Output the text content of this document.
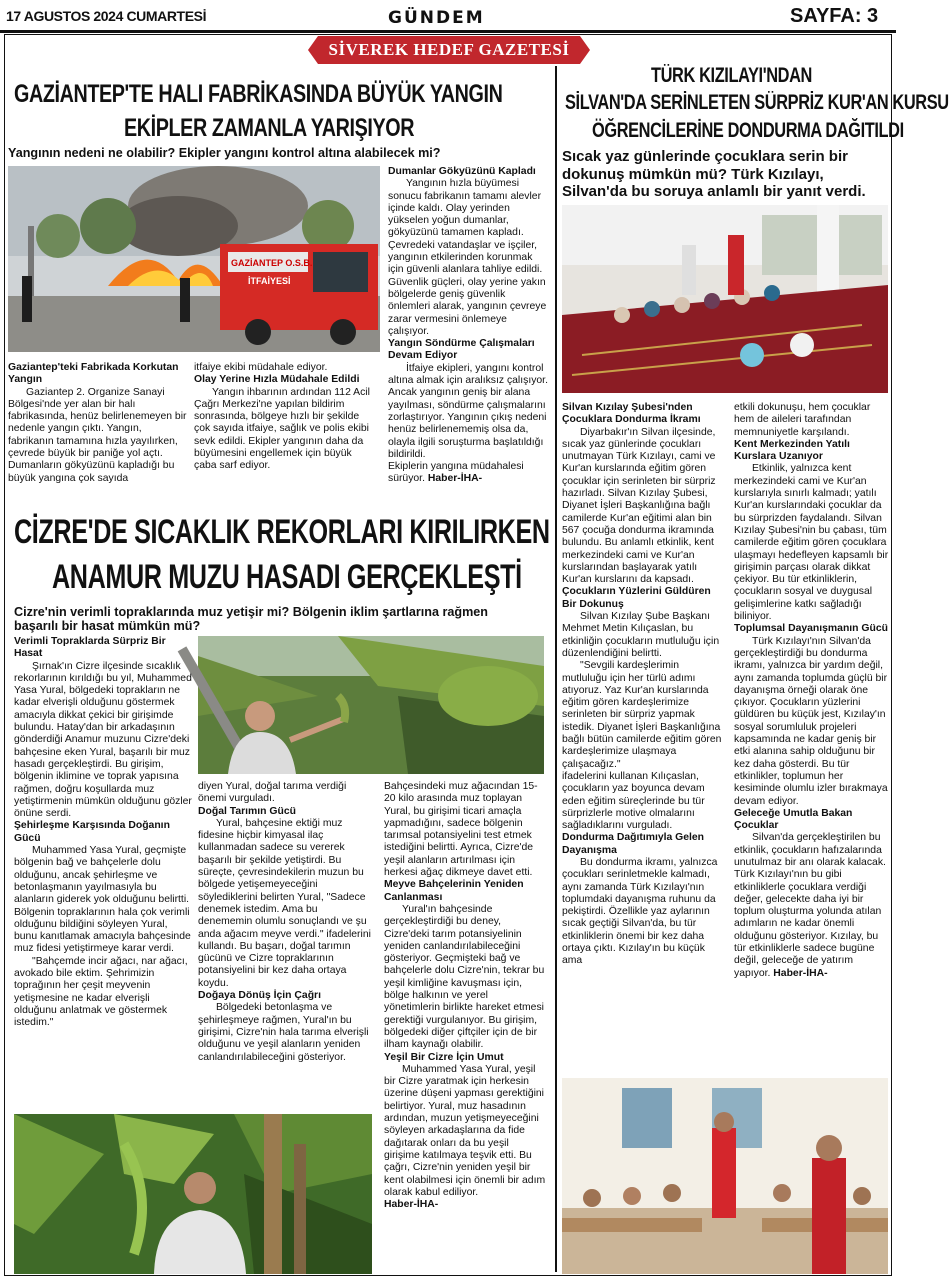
17 AGUSTOS 2024 CUMARTESİ	GÜNDEM	SAYFA: 3
SİVEREK HEDEF GAZETESİ
GAZİANTEP'TE HALI FABRİKASINDA BÜYÜK YANGIN
EKİPLER ZAMANLA YARIŞIYOR
Yangının nedeni ne olabilir? Ekipler yangını kontrol altına alabilecek mi?
GAZİANTEP O.S.B.
İTFAİYESİ

Gaziantep'teki Fabrikada Korkutan Yangın

Gaziantep 2. Organize Sanayi Bölgesi'nde yer alan bir halı fabrikasında, henüz belirlenemeyen bir nedenle yangın çıktı. Yangın, fabrikanın tamamına hızla yayılırken, çevrede büyük bir paniğe yol açtı. Dumanların gökyüzünü kapladığı bu büyük yangına çok sayıda

itfaiye ekibi müdahale ediyor.

Olay Yerine Hızla Müdahale Edildi

Yangın ihbarının ardından 112 Acil Çağrı Merkezi'ne yapılan bildirim sonrasında, bölgeye hızlı bir şekilde çok sayıda itfaiye, sağlık ve polis ekibi sevk edildi. Ekipler yangının daha da büyümesini engellemek için büyük çaba sarf ediyor.

Dumanlar Gökyüzünü Kapladı

Yangının hızla büyümesi sonucu fabrikanın tamamı alevler içinde kaldı. Olay yerinden yükselen yoğun dumanlar, gökyüzünü tamamen kapladı. Çevredeki vatandaşlar ve işçiler, yangının etkilerinden korunmak için güvenli alanlara tahliye edildi. Güvenlik güçleri, olay yerine yakın bölgelerde geniş güvenlik önlemleri alarak, yangının çevreye zarar vermesini önlemeye çalışıyor.

Yangın Söndürme Çalışmaları Devam Ediyor

İtfaiye ekipleri, yangını kontrol altına almak için aralıksız çalışıyor. Ancak yangının geniş bir alana yayılması, söndürme çalışmalarını zorlaştırıyor. Yangının çıkış nedeni henüz belirlenememiş olsa da, olayla ilgili soruşturma başlatıldığı bildirildi.

Ekiplerin yangına müdahalesi sürüyor. Haber-İHA-

CİZRE'DE SICAKLIK REKORLARI KIRILIRKEN
ANAMUR MUZU HASADI GERÇEKLEŞTİ
Cizre'nin verimli topraklarında muz yetişir mi? Bölgenin iklim şartlarına rağmen başarılı bir hasat mümkün mü?

Verimli Topraklarda Sürpriz Bir Hasat

Şırnak'ın Cizre ilçesinde sıcaklık rekorlarının kırıldığı bu yıl, Muhammed Yasa Yural, bölgedeki toprakların ne kadar elverişli olduğunu göstermek amacıyla dikkat çekici bir girişimde bulundu. Hatay'dan bir arkadaşının gönderdiği Anamur muzunu Cizre'deki bahçesine eken Yural, başarılı bir muz hasadı gerçekleştirdi. Bu girişim, bölgenin iklimine ve toprak yapısına rağmen, doğru koşullarda muz yetiştirmenin mümkün olduğunu gözler önüne serdi.

Şehirleşme Karşısında Doğanın Gücü

Muhammed Yasa Yural, geçmişte bölgenin bağ ve bahçelerle dolu olduğunu, ancak şehirleşme ve betonlaşmanın yayılmasıyla bu alanların giderek yok olduğunu belirtti. Bölgenin topraklarının hala çok verimli olduğunu bildiğini söyleyen Yural, bunu kanıtlamak amacıyla bahçesinde muz fidesi yetiştirmeye karar verdi.

"Bahçemde incir ağacı, nar ağacı, avokado bile ektim. Şehrimizin toprağının her çeşit meyvenin yetişmesine ne kadar elverişli olduğunu anlatmak ve göstermek istedim."

diyen Yural, doğal tarıma verdiği önemi vurguladı.

Doğal Tarımın Gücü

Yural, bahçesine ektiği muz fidesine hiçbir kimyasal ilaç kullanmadan sadece su vererek başarılı bir şekilde yetiştirdi. Bu süreçte, çevresindekilerin muzun bu bölgede yetişemeyeceğini söylediklerini belirten Yural, "Sadece denemek istedim. Ama bu denememin olumlu sonuçlandı ve şu anda ağacım meyve verdi." ifadelerini kullandı. Bu başarı, doğal tarımın gücünü ve Cizre topraklarının potansiyelini bir kez daha ortaya koydu.

Doğaya Dönüş İçin Çağrı

Bölgedeki betonlaşma ve şehirleşmeye rağmen, Yural'ın bu girişimi, Cizre'nin hala tarıma elverişli olduğunu ve yeşil alanların yeniden canlandırılabileceğini gösteriyor.

Bahçesindeki muz ağacından 15-20 kilo arasında muz toplayan Yural, bu girişimi ticari amaçla yapmadığını, sadece bölgenin tarımsal potansiyelini test etmek istediğini belirtti. Ayrıca, Cizre'de yeşil alanların artırılması için herkesi ağaç dikmeye davet etti.

Meyve Bahçelerinin Yeniden Canlanması

Yural'ın bahçesinde gerçekleştirdiği bu deney, Cizre'deki tarım potansiyelinin yeniden canlandırılabileceğini gösteriyor. Geçmişteki bağ ve bahçelerle dolu Cizre'nin, tekrar bu yeşil kimliğine kavuşması için, bölge halkının ve yerel yönetimlerin birlikte hareket etmesi gerektiği vurgulanıyor. Bu girişim, bölgedeki diğer çiftçiler için de bir ilham kaynağı olabilir.

Yeşil Bir Cizre İçin Umut

Muhammed Yasa Yural, yeşil bir Cizre yaratmak için herkesin üzerine düşeni yapması gerektiğini belirtiyor. Yural, muz hasadının ardından, muzun yetişmeyeceğini söyleyen arkadaşlarına da fide dağıtarak onları da bu yeşil girişime katılmaya teşvik etti. Bu çağrı, Cizre'nin yeniden yeşil bir kent olabilmesi için önemli bir adım olarak kabul ediliyor.

Haber-İHA-

TÜRK KIZILAYI'NDAN
SİLVAN'DA SERİNLETEN SÜRPRİZ KUR'AN KURSU
ÖĞRENCİLERİNE DONDURMA DAĞITILDI
Sıcak yaz günlerinde çocuklara serin bir dokunuş mümkün mü? Türk Kızılayı, Silvan'da bu soruya anlamlı bir yanıt verdi.

Silvan Kızılay Şubesi'nden Çocuklara Dondurma İkramı

Diyarbakır'ın Silvan ilçesinde, sıcak yaz günlerinde çocukları unutmayan Türk Kızılayı, cami ve Kur'an kurslarında eğitim gören çocuklar için serinleten bir sürpriz hazırladı. Silvan Kızılay Şubesi, Diyanet İşleri Başkanlığına bağlı camilerde Kur'an eğitimi alan bin 567 çocuğa dondurma ikramında bulundu. Bu anlamlı etkinlik, kent merkezindeki cami ve Kur'an kurslarından başlayarak yatılı Kur'an kurslarını da kapsadı.

Çocukların Yüzlerini Güldüren Bir Dokunuş

Silvan Kızılay Şube Başkanı Mehmet Metin Kılıçaslan, bu etkinliğin çocukların mutluluğu için düzenlendiğini belirtti.

"Sevgili kardeşlerimin mutluluğu için her türlü adımı atıyoruz. Yaz Kur'an kurslarında eğitim gören kardeşlerimize serinleten bir sürpriz yapmak istedik. Diyanet İşleri Başkanlığına bağlı bütün camilerde eğitim gören kardeşlerimize ulaşmaya çalışacağız."

ifadelerini kullanan Kılıçaslan, çocukların yaz boyunca devam eden eğitim süreçlerinde bu tür sürprizlerle motive olmalarını sağladıklarını vurguladı.

Dondurma Dağıtımıyla Gelen Dayanışma

Bu dondurma ikramı, yalnızca çocukları serinletmekle kalmadı, aynı zamanda Türk Kızılayı'nın toplumdaki dayanışma ruhunu da pekiştirdi. Özellikle yaz aylarının sıcak geçtiği Silvan'da, bu tür etkinliklerin önemi bir kez daha ortaya çıktı. Kızılay'ın bu küçük ama

etkili dokunuşu, hem çocuklar hem de aileleri tarafından memnuniyetle karşılandı.

Kent Merkezinden Yatılı Kurslara Uzanıyor

Etkinlik, yalnızca kent merkezindeki cami ve Kur'an kurslarıyla sınırlı kalmadı; yatılı Kur'an kurslarındaki çocuklar da bu sürprizden faydalandı. Silvan Kızılay Şubesi'nin bu çabası, tüm camilerde eğitim gören çocuklara ulaşmayı hedefleyen kapsamlı bir girişimin parçası olarak dikkat çekiyor. Bu tür etkinliklerin, çocukların sosyal ve duygusal gelişimlerine katkı sağladığı biliniyor.

Toplumsal Dayanışmanın Gücü

Türk Kızılayı'nın Silvan'da gerçekleştirdiği bu dondurma ikramı, yalnızca bir yardım değil, aynı zamanda toplumda güçlü bir dayanışma örneği olarak öne çıkıyor. Çocukların yüzlerini güldüren bu küçük jest, Kızılay'ın sosyal sorumluluk projeleri kapsamında ne kadar geniş bir etki alanına sahip olduğunu bir kez daha gösterdi. Bu tür etkinlikler, toplumun her kesiminde olumlu izler bırakmaya devam ediyor.

Geleceğe Umutla Bakan Çocuklar

Silvan'da gerçekleştirilen bu etkinlik, çocukların hafızalarında unutulmaz bir anı olarak kalacak. Türk Kızılayı'nın bu gibi etkinliklerle çocuklara verdiği değer, gelecekte daha iyi bir toplum oluşturma yolunda atılan adımların ne kadar önemli olduğunu gösteriyor. Kızılay, bu tür etkinliklerle sadece bugüne değil, geleceğe de yatırım yapıyor. Haber-İHA-
